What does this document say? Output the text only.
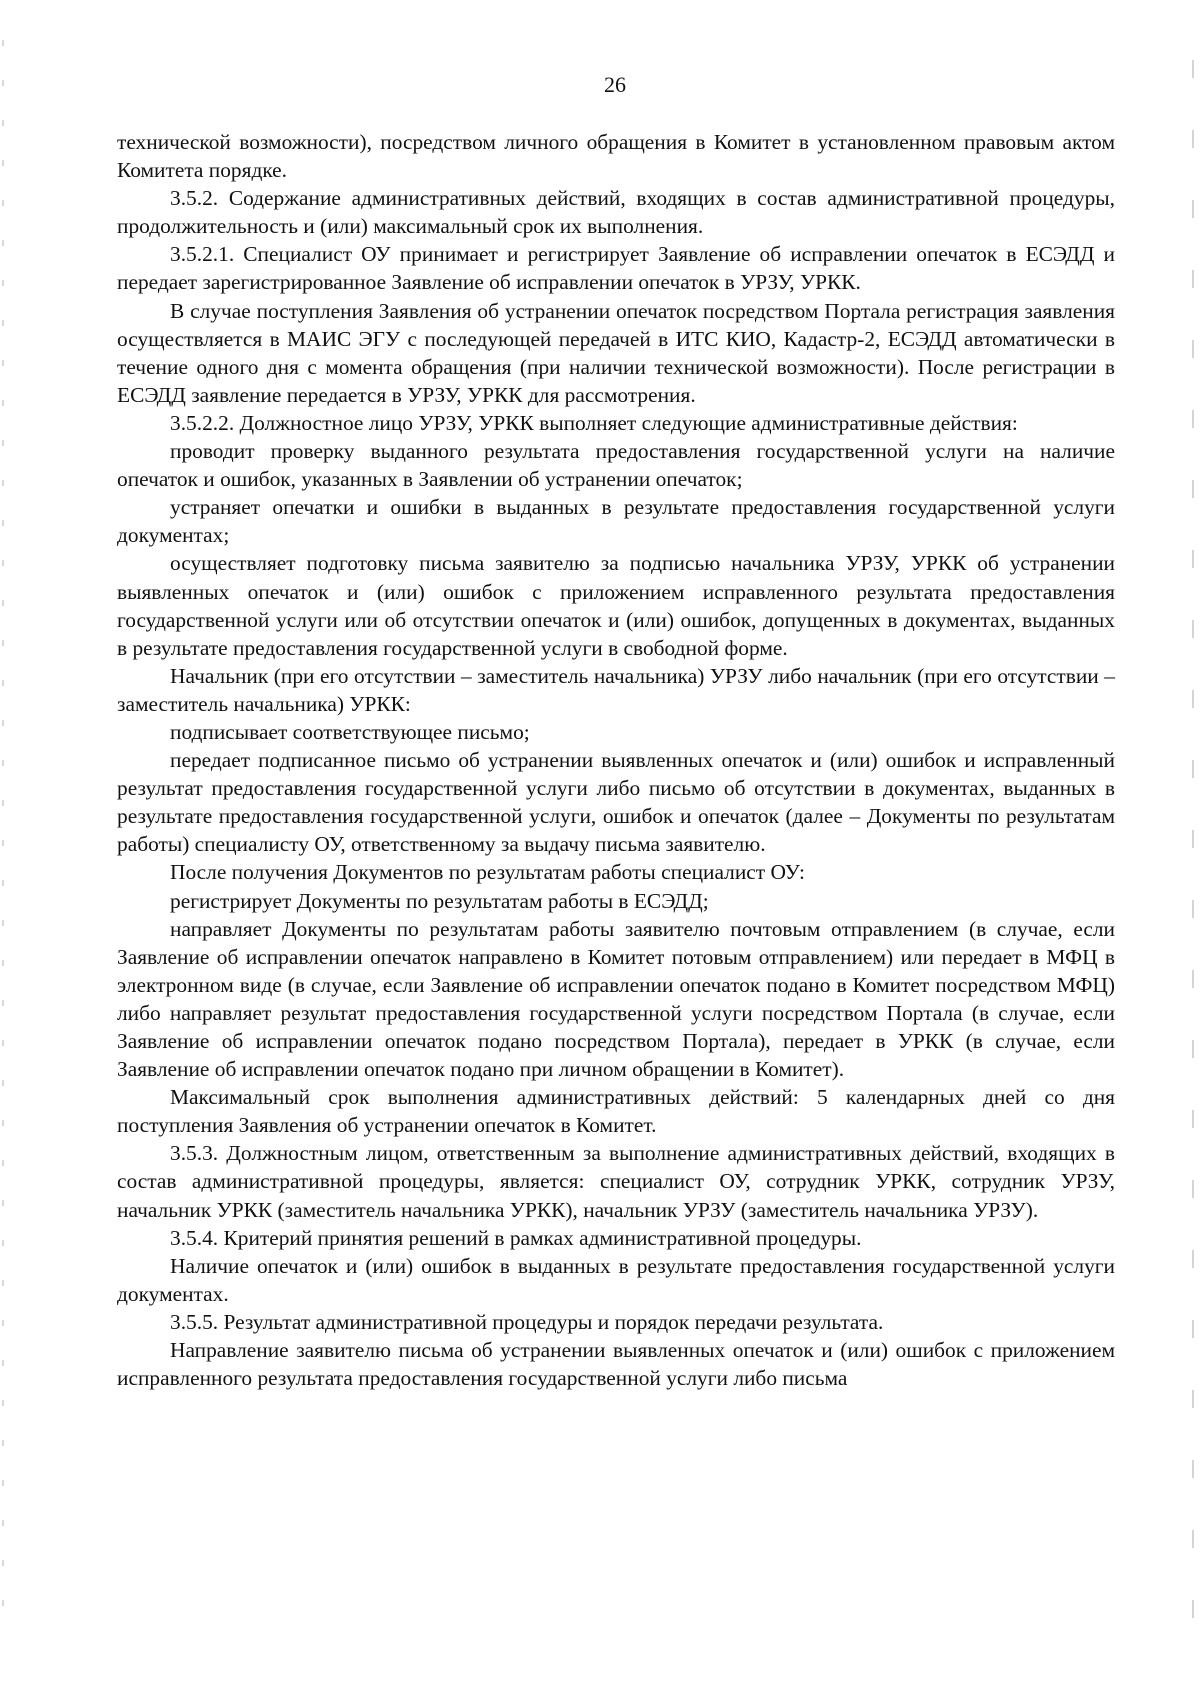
26

технической возможности), посредством личного обращения в Комитет в установленном правовым актом Комитета порядке.

3.5.2. Содержание административных действий, входящих в состав административной процедуры, продолжительность и (или) максимальный срок их выполнения.

3.5.2.1. Специалист ОУ принимает и регистрирует Заявление об исправлении опечаток в ЕСЭДД и передает зарегистрированное Заявление об исправлении опечаток в УРЗУ, УРКК.

В случае поступления Заявления об устранении опечаток посредством Портала регистрация заявления осуществляется в МАИС ЭГУ с последующей передачей в ИТС КИО, Кадастр-2, ЕСЭДД автоматически в течение одного дня с момента обращения (при наличии технической возможности). После регистрации в ЕСЭДД заявление передается в УРЗУ, УРКК для рассмотрения.

3.5.2.2. Должностное лицо УРЗУ, УРКК выполняет следующие административные действия:

проводит проверку выданного результата предоставления государственной услуги на наличие опечаток и ошибок, указанных в Заявлении об устранении опечаток;

устраняет опечатки и ошибки в выданных в результате предоставления государственной услуги документах;

осуществляет подготовку письма заявителю за подписью начальника УРЗУ, УРКК об устранении выявленных опечаток и (или) ошибок с приложением исправленного результата предоставления государственной услуги или об отсутствии опечаток и (или) ошибок, допущенных в документах, выданных в результате предоставления государственной услуги в свободной форме.

Начальник (при его отсутствии – заместитель начальника) УРЗУ либо начальник (при его отсутствии – заместитель начальника) УРКК:

подписывает соответствующее письмо;

передает подписанное письмо об устранении выявленных опечаток и (или) ошибок и исправленный результат предоставления государственной услуги либо письмо об отсутствии в документах, выданных в результате предоставления государственной услуги, ошибок и опечаток (далее – Документы по результатам работы) специалисту ОУ, ответственному за выдачу письма заявителю.

После получения Документов по результатам работы специалист ОУ:

регистрирует Документы по результатам работы в ЕСЭДД;

направляет Документы по результатам работы заявителю почтовым отправлением (в случае, если Заявление об исправлении опечаток направлено в Комитет потовым отправлением) или передает в МФЦ в электронном виде (в случае, если Заявление об исправлении опечаток подано в Комитет посредством МФЦ) либо направляет результат предоставления государственной услуги посредством Портала (в случае, если Заявление об исправлении опечаток подано посредством Портала), передает в УРКК (в случае, если Заявление об исправлении опечаток подано при личном обращении в Комитет).

Максимальный срок выполнения административных действий: 5 календарных дней со дня поступления Заявления об устранении опечаток в Комитет.

3.5.3. Должностным лицом, ответственным за выполнение административных действий, входящих в состав административной процедуры, является: специалист ОУ, сотрудник УРКК, сотрудник УРЗУ, начальник УРКК (заместитель начальника УРКК), начальник УРЗУ (заместитель начальника УРЗУ).

3.5.4. Критерий принятия решений в рамках административной процедуры.

Наличие опечаток и (или) ошибок в выданных в результате предоставления государственной услуги документах.

3.5.5. Результат административной процедуры и порядок передачи результата.

Направление заявителю письма об устранении выявленных опечаток и (или) ошибок с приложением исправленного результата предоставления государственной услуги либо письма
